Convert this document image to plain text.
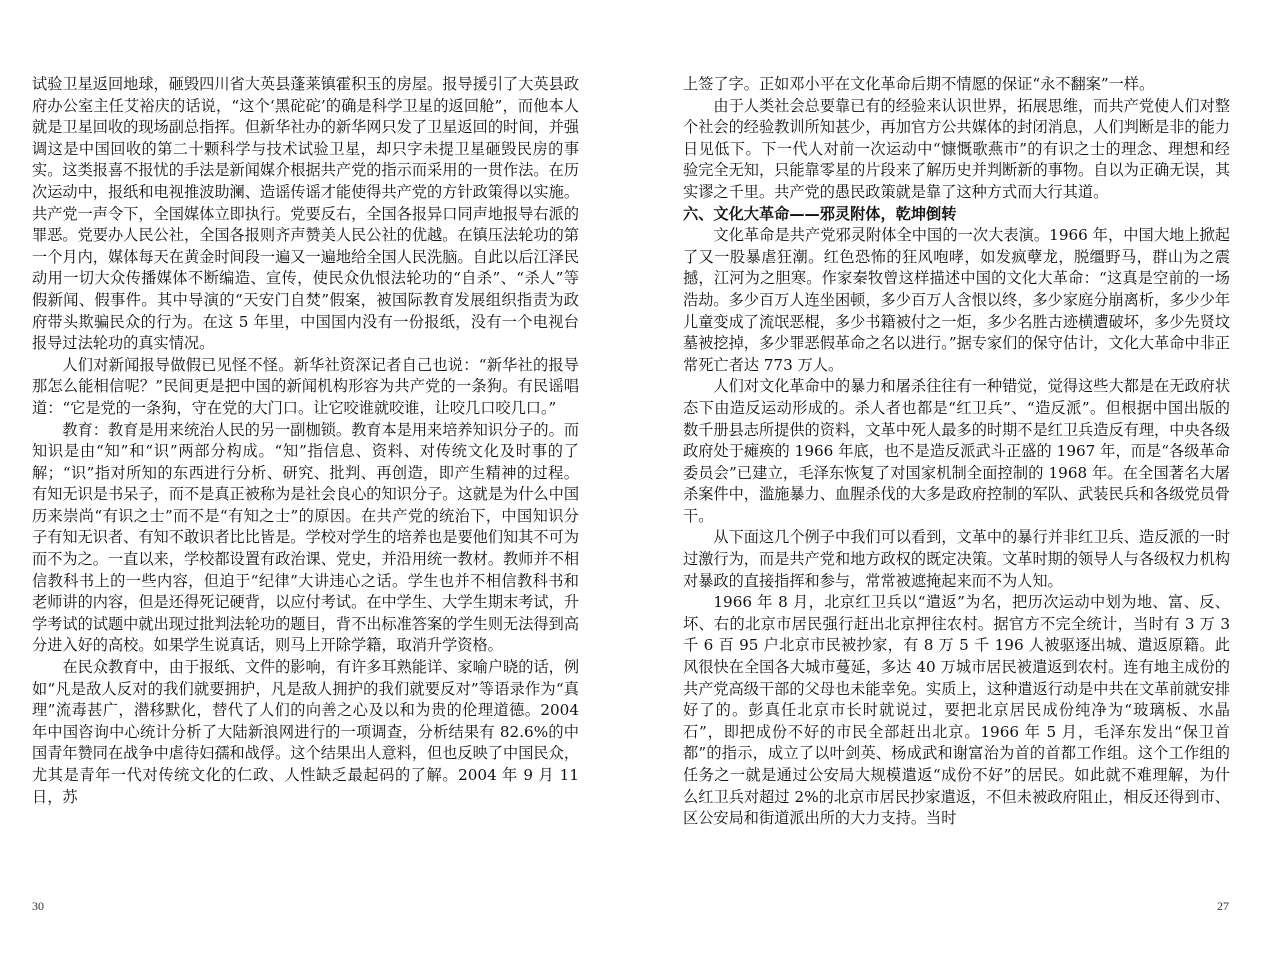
试验卫星返回地球，砸毁四川省大英县蓬莱镇霍积玉的房屋。报导援引了大英县政府办公室主任艾裕庆的话说，“这个‘黑砣砣’的确是科学卫星的返回舱”，而他本人就是卫星回收的现场副总指挥。但新华社办的新华网只发了卫星返回的时间，并强调这是中国回收的第二十颗科学与技术试验卫星，却只字未提卫星砸毁民房的事实。这类报喜不报忧的手法是新闻媒介根据共产党的指示而采用的一贯作法。在历次运动中，报纸和电视推波助澜、造谣传谣才能使得共产党的方针政策得以实施。共产党一声令下，全国媒体立即执行。党要反右，全国各报异口同声地报导右派的罪恶。党要办人民公社，全国各报则齐声赞美人民公社的优越。在镇压法轮功的第一个月内，媒体每天在黄金时间段一遍又一遍地给全国人民洗脑。自此以后江泽民动用一切大众传播媒体不断编造、宣传，使民众仇恨法轮功的“自杀”、“杀人”等假新闻、假事件。其中导演的“天安门自焚”假案，被国际教育发展组织指责为政府带头欺骗民众的行为。在这 5 年里，中国国内没有一份报纸，没有一个电视台报导过法轮功的真实情况。

人们对新闻报导做假已见怪不怪。新华社资深记者自己也说：“新华社的报导那怎么能相信呢？”民间更是把中国的新闻机构形容为共产党的一条狗。有民谣唱道：“它是党的一条狗，守在党的大门口。让它咬谁就咬谁，让咬几口咬几口。”

教育：教育是用来统治人民的另一副枷锁。教育本是用来培养知识分子的。而知识是由“知”和“识”两部分构成。“知”指信息、资料、对传统文化及时事的了解；“识”指对所知的东西进行分析、研究、批判、再创造，即产生精神的过程。有知无识是书呆子，而不是真正被称为是社会良心的知识分子。这就是为什么中国历来崇尚“有识之士”而不是“有知之士”的原因。在共产党的统治下，中国知识分子有知无识者、有知不敢识者比比皆是。学校对学生的培养也是要他们知其不可为而不为之。一直以来，学校都设置有政治课、党史，并沿用统一教材。教师并不相信教科书上的一些内容，但迫于“纪律”大讲违心之话。学生也并不相信教科书和老师讲的内容，但是还得死记硬背，以应付考试。在中学生、大学生期末考试，升学考试的试题中就出现过批判法轮功的题目，背不出标准答案的学生则无法得到高分进入好的高校。如果学生说真话，则马上开除学籍，取消升学资格。

在民众教育中，由于报纸、文件的影响，有许多耳熟能详、家喻户晓的话，例如“凡是敌人反对的我们就要拥护，凡是敌人拥护的我们就要反对”等语录作为“真理”流毒甚广，潜移默化，替代了人们的向善之心及以和为贵的伦理道德。2004 年中国咨询中心统计分析了大陆新浪网进行的一项调查，分析结果有 82.6%的中国青年赞同在战争中虐待妇孺和战俘。这个结果出人意料，但也反映了中国民众，尤其是青年一代对传统文化的仁政、人性缺乏最起码的了解。2004 年 9 月 11 日，苏

上签了字。正如邓小平在文化革命后期不情愿的保证“永不翻案”一样。

由于人类社会总要靠已有的经验来认识世界，拓展思维，而共产党使人们对整个社会的经验教训所知甚少，再加官方公共媒体的封闭消息，人们判断是非的能力日见低下。下一代人对前一次运动中“慷慨歌燕市”的有识之士的理念、理想和经验完全无知，只能靠零星的片段来了解历史并判断新的事物。自以为正确无误，其实谬之千里。共产党的愚民政策就是靠了这种方式而大行其道。

六、文化大革命——邪灵附体，乾坤倒转

文化革命是共产党邪灵附体全中国的一次大表演。1966 年，中国大地上掀起了又一股暴虐狂潮。红色恐怖的狂风咆哮，如发疯孽龙，脱缰野马，群山为之震撼，江河为之胆寒。作家秦牧曾这样描述中国的文化大革命：“这真是空前的一场浩劫。多少百万人连坐困顿，多少百万人含恨以终，多少家庭分崩离析，多少少年儿童变成了流氓恶棍，多少书籍被付之一炬，多少名胜古迹横遭破坏，多少先贤坟墓被挖掉，多少罪恶假革命之名以进行。”据专家们的保守估计，文化大革命中非正常死亡者达 773 万人。

人们对文化革命中的暴力和屠杀往往有一种错觉，觉得这些大都是在无政府状态下由造反运动形成的。杀人者也都是“红卫兵”、“造反派”。但根据中国出版的数千册县志所提供的资料，文革中死人最多的时期不是红卫兵造反有理，中央各级政府处于瘫痪的 1966 年底，也不是造反派武斗正盛的 1967 年，而是“各级革命委员会”已建立，毛泽东恢复了对国家机制全面控制的 1968 年。在全国著名大屠杀案件中，滥施暴力、血腥杀伐的大多是政府控制的军队、武装民兵和各级党员骨干。

从下面这几个例子中我们可以看到，文革中的暴行并非红卫兵、造反派的一时过激行为，而是共产党和地方政权的既定决策。文革时期的领导人与各级权力机构对暴政的直接指挥和参与，常常被遮掩起来而不为人知。

1966 年 8 月，北京红卫兵以“遣返”为名，把历次运动中划为地、富、反、坏、右的北京市居民强行赶出北京押往农村。据官方不完全统计，当时有 3 万 3 千 6 百 95 户北京市民被抄家，有 8 万 5 千 196 人被驱逐出城、遣返原籍。此风很快在全国各大城市蔓延，多达 40 万城市居民被遣返到农村。连有地主成份的共产党高级干部的父母也未能幸免。实质上，这种遣返行动是中共在文革前就安排好了的。彭真任北京市长时就说过，要把北京居民成份纯净为“玻璃板、水晶石”，即把成份不好的市民全部赶出北京。1966 年 5 月，毛泽东发出“保卫首都”的指示，成立了以叶剑英、杨成武和谢富治为首的首都工作组。这个工作组的任务之一就是通过公安局大规模遣返“成份不好”的居民。如此就不难理解，为什么红卫兵对超过 2%的北京市居民抄家遣返，不但未被政府阻止，相反还得到市、区公安局和街道派出所的大力支持。当时

30	27
